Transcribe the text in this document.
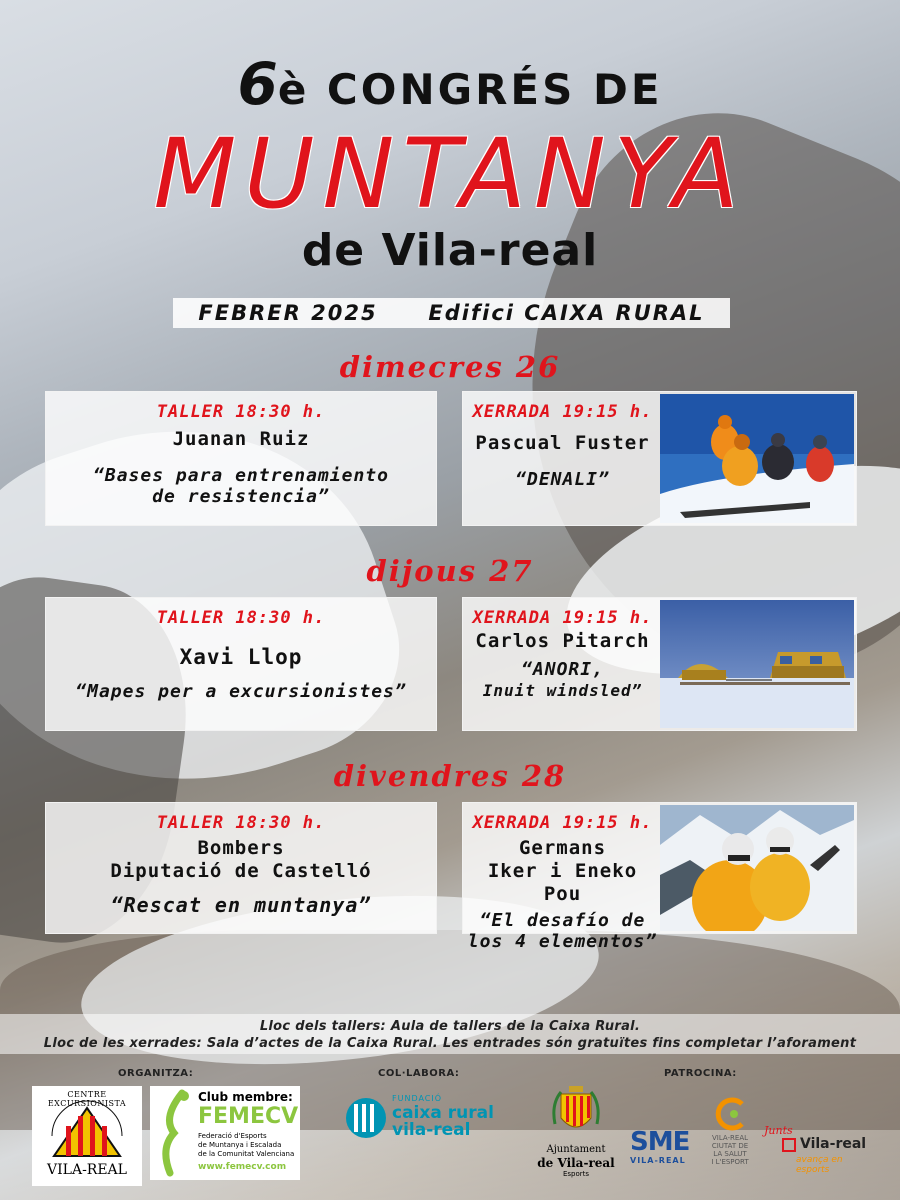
6è CONGRÉS DE
MUNTANYA
de Vila-real
FEBRER 2025 Edifici CAIXA RURAL
dimecres 26
TALLER 18:30 h.
Juanan Ruiz
“Bases para entrenamiento
de resistencia”
XERRADA 19:15 h.
Pascual Fuster
“DENALI”
dijous 27
TALLER 18:30 h.
Xavi Llop
“Mapes per a excursionistes”
XERRADA 19:15 h.
Carlos Pitarch
“ANORI,
Inuit windsled”
divendres 28
TALLER 18:30 h.
Bombers
Diputació de Castelló
“Rescat en muntanya”
XERRADA 19:15 h.
Germans
Iker i Eneko Pou
“El desafío de
los 4 elementos”
Lloc dels tallers: Aula de tallers de la Caixa Rural.
Lloc de les xerrades: Sala d’actes de la Caixa Rural. Les entrades són gratuïtes fins completar l’aforament
ORGANITZA:	COL·LABORA:	PATROCINA:
CENTRE EXCURSIONISTA
VILA-REAL
Club membre:
FEMECV
Federació d'Esports
de Muntanya i Escalada
de la Comunitat Valenciana
www.femecv.com
FUNDACIÓ
caixa rural
vila-real
Ajuntament
de Vila-real
Esports
SME
VILA-REAL
VILA-REAL
CIUTAT DE
LA SALUT
I L'ESPORT
Junts
Vila-real
avança en esports
